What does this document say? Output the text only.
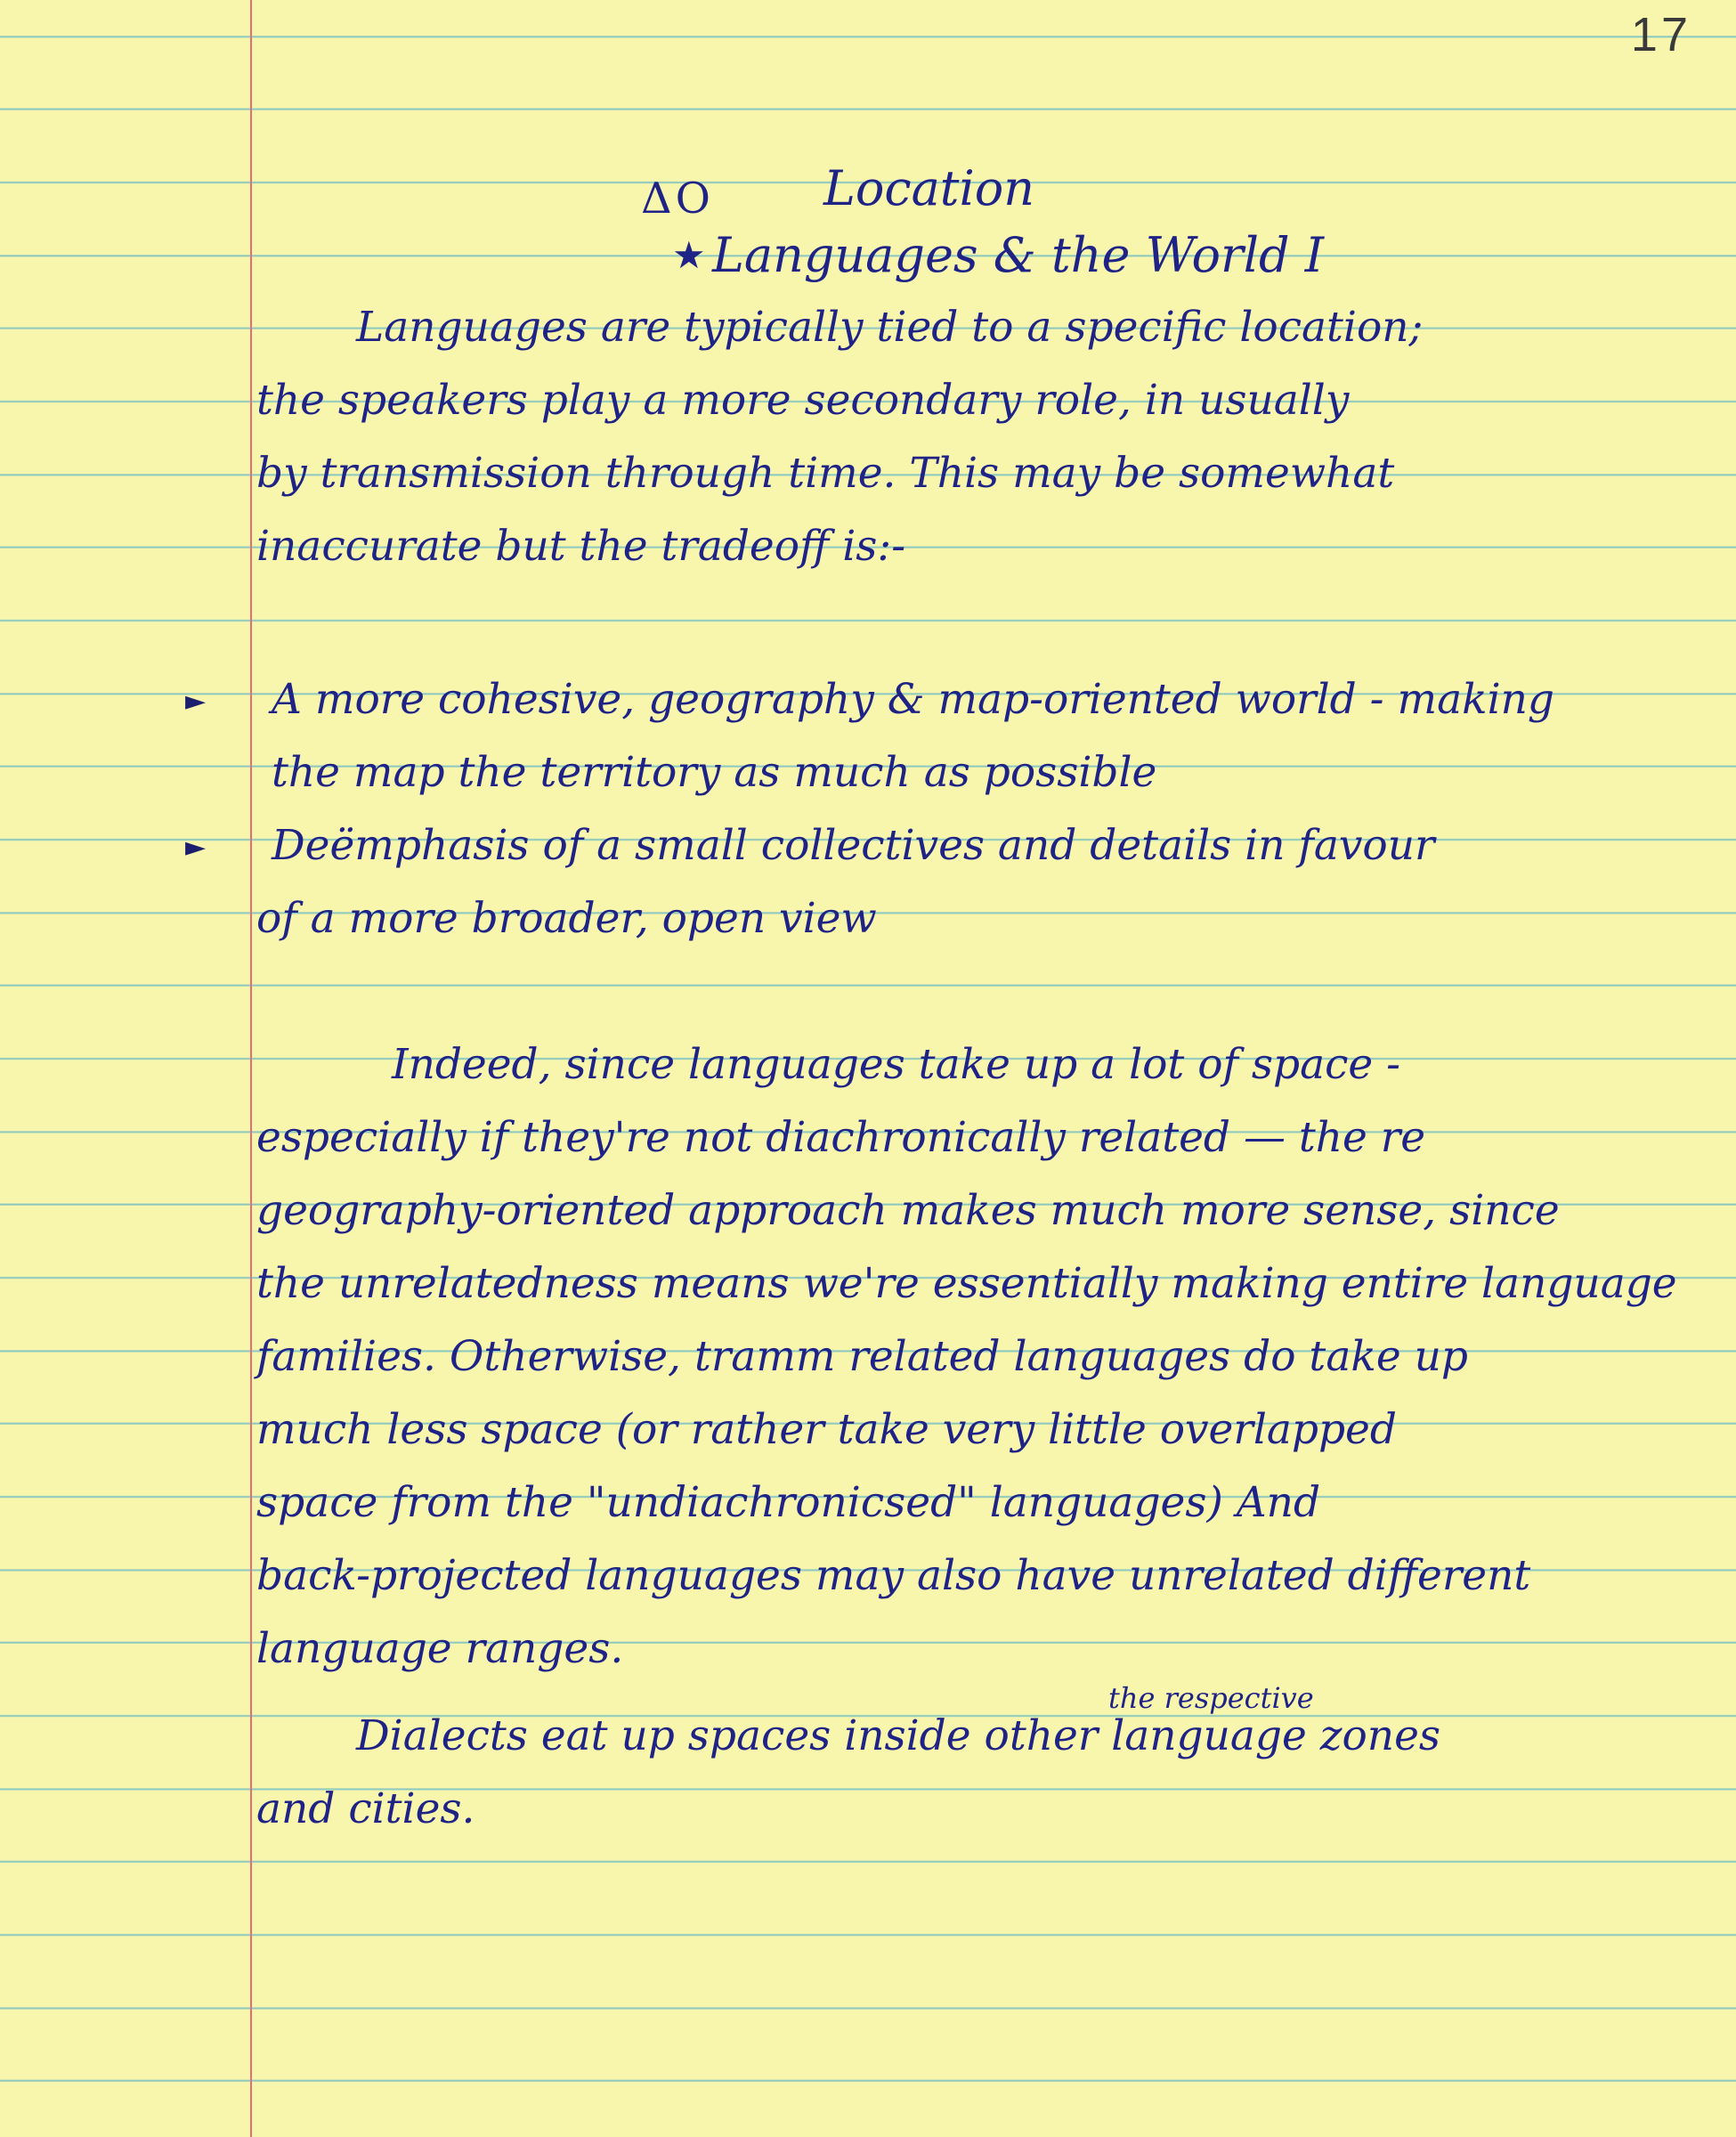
17
ΔO Location
★ Languages & the World I
Languages are typically tied to a specific location;
the speakers play a more secondary role, in usually
by transmission through time. This may be somewhat
inaccurate but the tradeoff is:-
► A more cohesive, geography & map-oriented world - making
the map the territory as much as possible
► Deëmphasis of a small collectives and details in favour
of a more broader, open view
Indeed, since languages take up a lot of space -
especially if they're not diachronically related — the re
geography-oriented approach makes much more sense, since
the unrelatedness means we're essentially making entire language
families. Otherwise, tramm related languages do take up
much less space (or rather take very little overlapped
space from the "undiachronicsed" languages) And
back-projected languages may also have unrelated different
language ranges.
the respective
Dialects eat up spaces inside other language zones
and cities.
